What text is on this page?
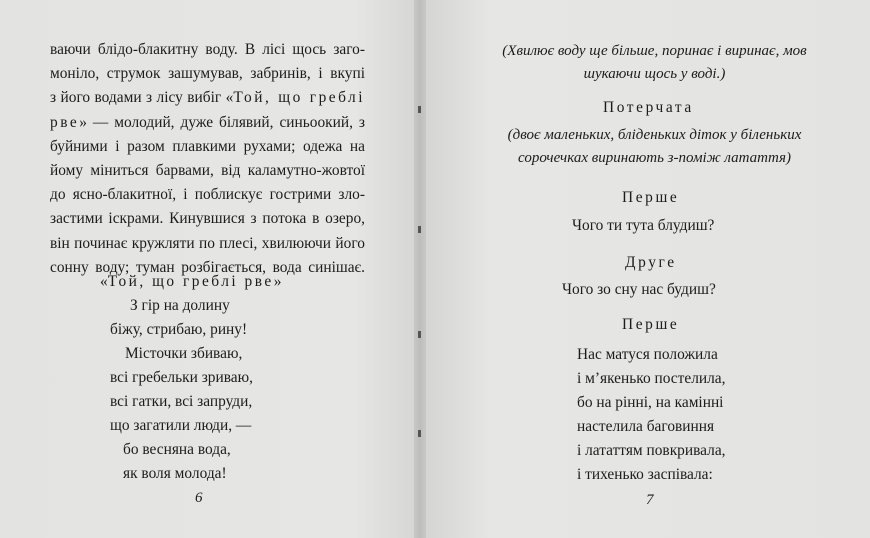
ваючи блідо-блакитну воду. В лісі щось заго-
моніло, струмок зашумував, забринів, і вкупі
з його водами з лісу вибіг «Той, що греблі
рве» — молодий, дуже білявий, синьоокий, з
буйними і разом плавкими рухами; одежа на
йому міниться барвами, від каламутно-жовтої
до ясно-блакитної, і поблискує гострими зло-
застими іскрами. Кинувшися з потока в озеро,
він починає кружляти по плесі, хвилюючи його
сонну воду; туман розбігається, вода синішає.
«Той, що греблі рве»
З гір на долину
біжу, стрибаю, рину!
Місточки збиваю,
всі гребельки зриваю,
всі гатки, всі запруди,
що загатили люди, —
бо весняна вода,
як воля молода!
6
(Хвилює воду ще більше, поринає і виринає, мов
шукаючи щось у воді.)
Потерчата
(двоє маленьких, бліденьких діток у біленьких
сорочечках виринають з-поміж латаття)
Перше
Чого ти тута блудиш?
Друге
Чого зо сну нас будиш?
Перше
Нас матуся положила
і м’якенько постелила,
бо на рінні, на камінні
настелила баговиння
і лататтям повкривала,
і тихенько заспівала:
7
